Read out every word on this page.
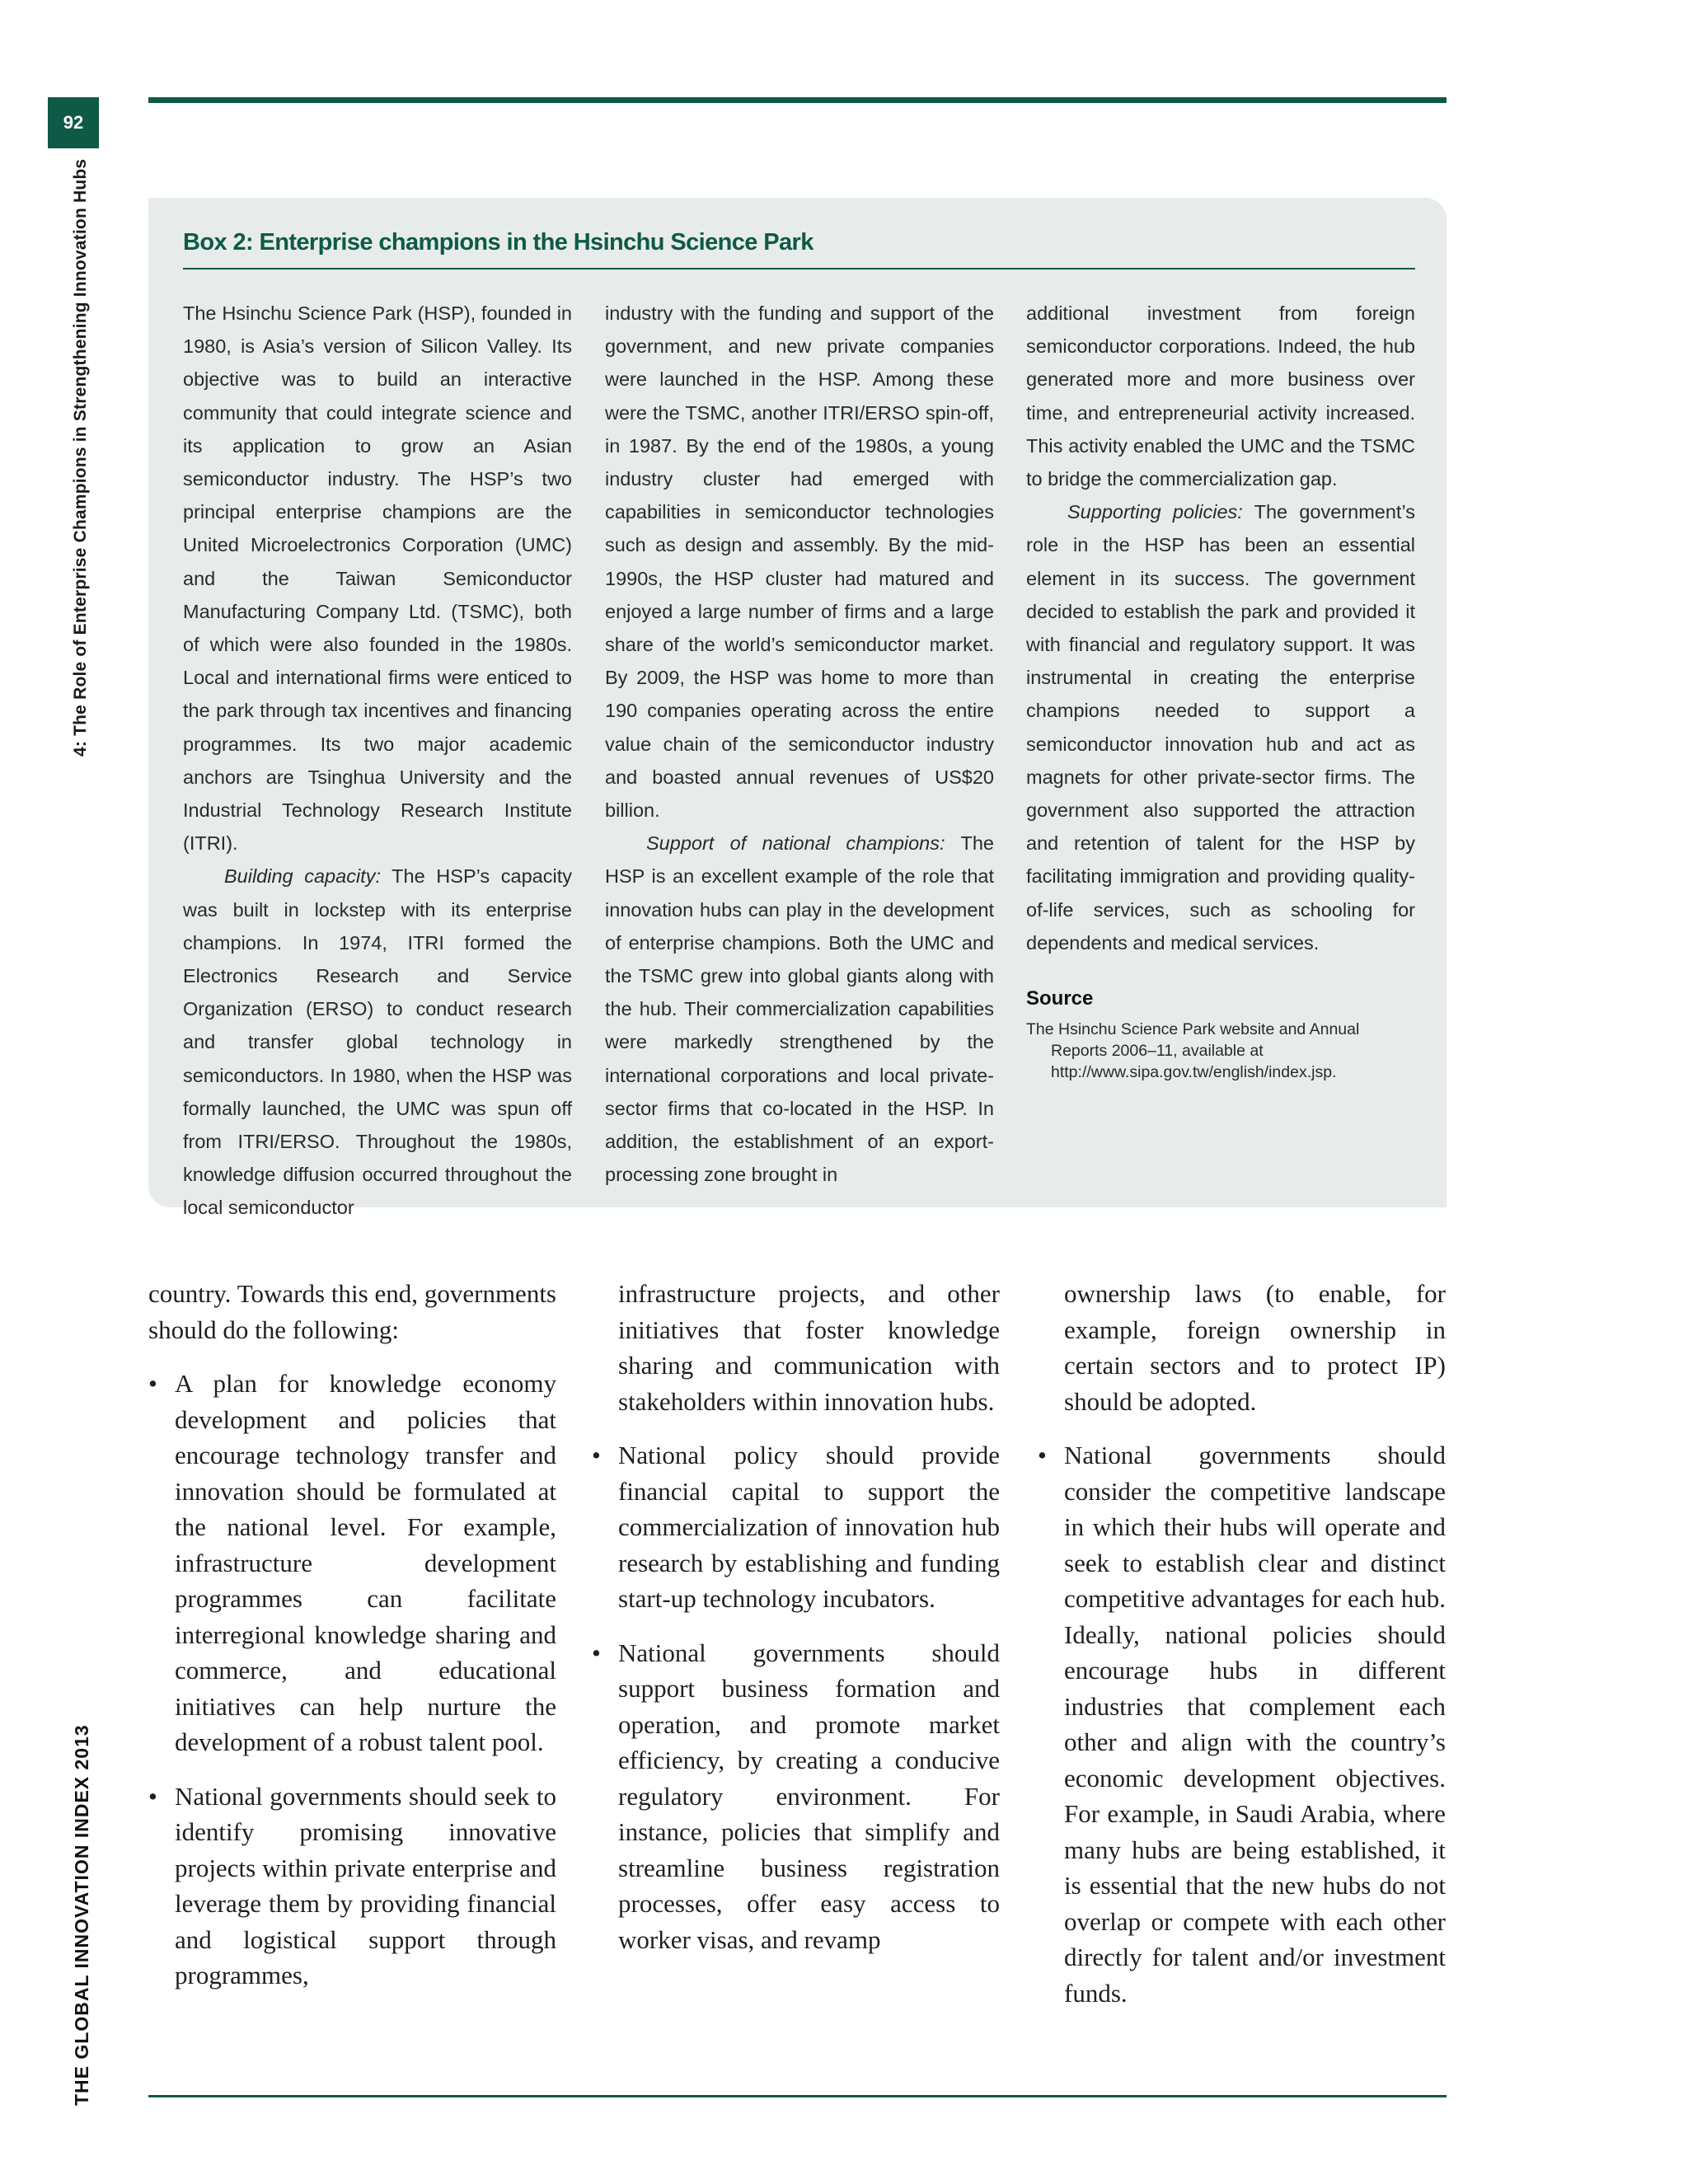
92
4: The Role of Enterprise Champions in Strengthening Innovation Hubs
THE GLOBAL INNOVATION INDEX 2013
Box 2: Enterprise champions in the Hsinchu Science Park

The Hsinchu Science Park (HSP), founded in 1980, is Asia’s version of Silicon Valley. Its objective was to build an interactive community that could integrate science and its application to grow an Asian semiconductor industry. The HSP’s two principal enterprise champions are the United Microelectronics Corporation (UMC) and the Taiwan Semiconductor Manufacturing Company Ltd. (TSMC), both of which were also founded in the 1980s. Local and international firms were enticed to the park through tax incentives and financing programmes. Its two major academic anchors are Tsinghua University and the Industrial Technology Research Institute (ITRI).

Building capacity: The HSP’s capacity was built in lockstep with its enterprise champions. In 1974, ITRI formed the Electronics Research and Service Organization (ERSO) to conduct research and transfer global technology in semiconductors. In 1980, when the HSP was formally launched, the UMC was spun off from ITRI/ERSO. Throughout the 1980s, knowledge diffusion occurred throughout the local semiconductor

industry with the funding and support of the government, and new private companies were launched in the HSP. Among these were the TSMC, another ITRI/ERSO spin-off, in 1987. By the end of the 1980s, a young industry cluster had emerged with capabilities in semiconductor technologies such as design and assembly. By the mid-1990s, the HSP cluster had matured and enjoyed a large number of firms and a large share of the world’s semiconductor market. By 2009, the HSP was home to more than 190 companies operating across the entire value chain of the semiconductor industry and boasted annual revenues of US$20 billion.

Support of national champions: The HSP is an excellent example of the role that innovation hubs can play in the development of enterprise champions. Both the UMC and the TSMC grew into global giants along with the hub. Their commercialization capabilities were markedly strengthened by the international corporations and local private-sector firms that co-located in the HSP. In addition, the establishment of an export-processing zone brought in

additional investment from foreign semiconductor corporations. Indeed, the hub generated more and more business over time, and entrepreneurial activity increased. This activity enabled the UMC and the TSMC to bridge the commercialization gap.

Supporting policies: The government’s role in the HSP has been an essential element in its success. The government decided to establish the park and provided it with financial and regulatory support. It was instrumental in creating the enterprise champions needed to support a semiconductor innovation hub and act as magnets for other private-sector firms. The government also supported the attraction and retention of talent for the HSP by facilitating immigration and providing quality-of-life services, such as schooling for dependents and medical services.

Source
The Hsinchu Science Park website and Annual Reports 2006–11, available at http://www.sipa.gov.tw/english/index.jsp.

country. Towards this end, governments should do the following:

• A plan for knowledge economy development and policies that encourage technology transfer and innovation should be formulated at the national level. For example, infrastructure development programmes can facilitate interregional knowledge sharing and commerce, and educational initiatives can help nurture the development of a robust talent pool.
• National governments should seek to identify promising innovative projects within private enterprise and leverage them by providing financial and logistical support through programmes,
infrastructure projects, and other initiatives that foster knowledge sharing and communication with stakeholders within innovation hubs.
• National policy should provide financial capital to support the commercialization of innovation hub research by establishing and funding start-up technology incubators.
• National governments should support business formation and operation, and promote market efficiency, by creating a conducive regulatory environment. For instance, policies that simplify and streamline business registration processes, offer easy access to worker visas, and revamp
ownership laws (to enable, for example, foreign ownership in certain sectors and to protect IP) should be adopted.
• National governments should consider the competitive landscape in which their hubs will operate and seek to establish clear and distinct competitive advantages for each hub. Ideally, national policies should encourage hubs in different industries that complement each other and align with the country’s economic development objectives. For example, in Saudi Arabia, where many hubs are being established, it is essential that the new hubs do not overlap or compete with each other directly for talent and/or investment funds.
